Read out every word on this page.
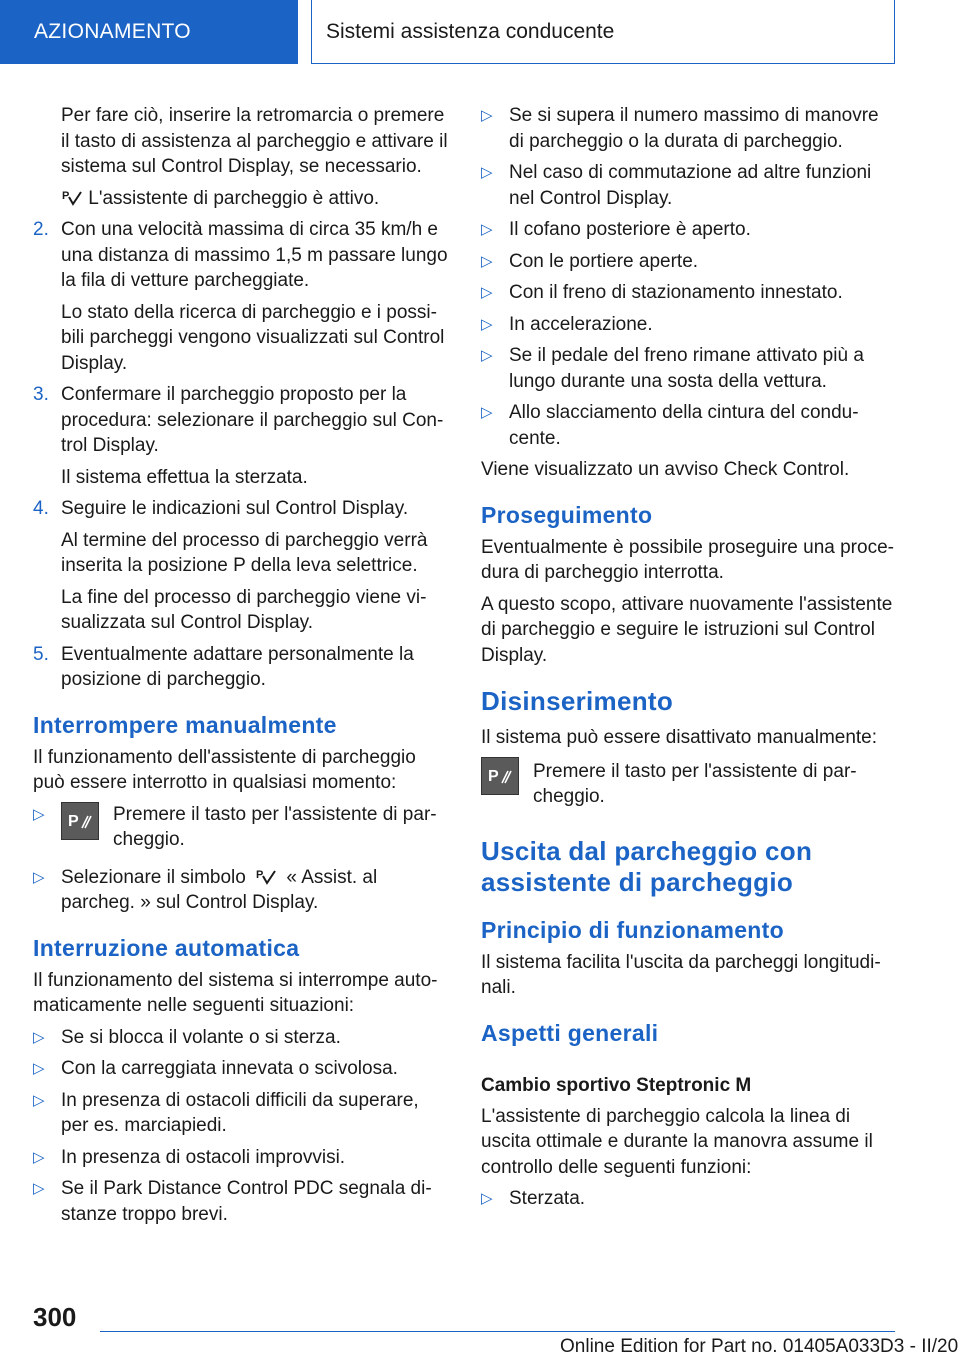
AZIONAMENTO	Sistemi assistenza conducente

Per fare ciò, inserire la retromarcia o premere il tasto di assistenza al parcheggio e attivare il sistema sul Control Display, se necessario.

P L'assistente di parcheggio è attivo.

2. Con una velocità massima di circa 35 km/h e una distanza di massimo 1,5 m passare lungo la fila di vetture parcheggiate.
Lo stato della ricerca di parcheggio e i possibili parcheggi vengono visualizzati sul Control Display.
3. Confermare il parcheggio proposto per la procedura: selezionare il parcheggio sul Control Display.
Il sistema effettua la sterzata.
4. Seguire le indicazioni sul Control Display.
Al termine del processo di parcheggio verrà inserita la posizione P della leva selettrice.
La fine del processo di parcheggio viene visualizzata sul Control Display.
5. Eventualmente adattare personalmente la posizione di parcheggio.
Interrompere manualmente

Il funzionamento dell'assistente di parcheggio può essere interrotto in qualsiasi momento:

▷	P Premere il tasto per l'assistente di parcheggio.
▷ Selezionare il simbolo P « Assist. al parcheg. » sul Control Display.
Interruzione automatica

Il funzionamento del sistema si interrompe automaticamente nelle seguenti situazioni:

▷ Se si blocca il volante o si sterza.
▷ Con la carreggiata innevata o scivolosa.
▷ In presenza di ostacoli difficili da superare, per es. marciapiedi.
▷ In presenza di ostacoli improvvisi.
▷ Se il Park Distance Control PDC segnala distanze troppo brevi.
▷ Se si supera il numero massimo di manovre di parcheggio o la durata di parcheggio.
▷ Nel caso di commutazione ad altre funzioni nel Control Display.
▷ Il cofano posteriore è aperto.
▷ Con le portiere aperte.
▷ Con il freno di stazionamento innestato.
▷ In accelerazione.
▷ Se il pedale del freno rimane attivato più a lungo durante una sosta della vettura.
▷ Allo slacciamento della cintura del conducente.

Viene visualizzato un avviso Check Control.

Proseguimento

Eventualmente è possibile proseguire una procedura di parcheggio interrotta.

A questo scopo, attivare nuovamente l'assistente di parcheggio e seguire le istruzioni sul Control Display.

Disinserimento

Il sistema può essere disattivato manualmente:

P Premere il tasto per l'assistente di parcheggio.
Uscita dal parcheggio con assistente di parcheggio
Principio di funzionamento

Il sistema facilita l'uscita da parcheggi longitudinali.

Aspetti generali
Cambio sportivo Steptronic M

L'assistente di parcheggio calcola la linea di uscita ottimale e durante la manovra assume il controllo delle seguenti funzioni:

▷ Sterzata.
300
Online Edition for Part no. 01405A033D3 - II/20
